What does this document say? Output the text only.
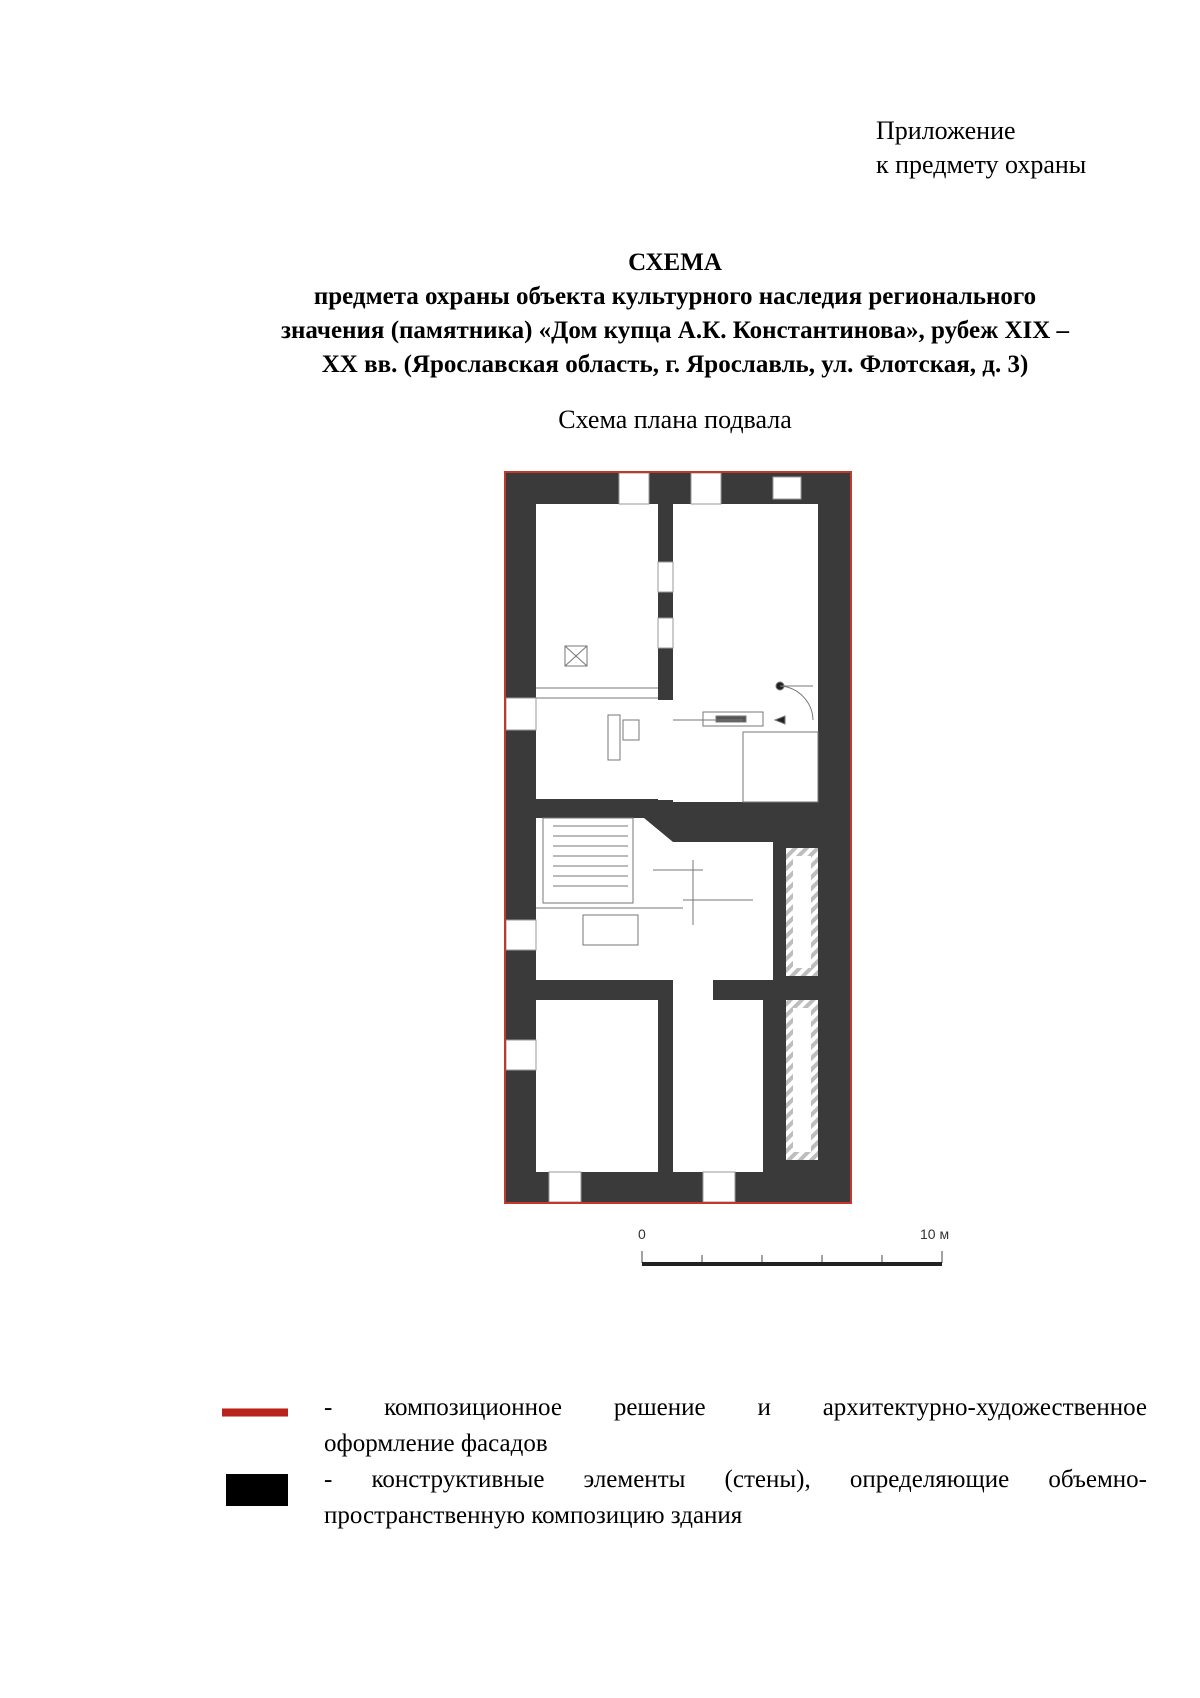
Приложение
к предмету охраны
СХЕМА
предмета охраны объекта культурного наследия регионального
значения (памятника) «Дом купца А.К. Константинова», рубеж XIX –
XX вв. (Ярославская область, г. Ярославль, ул. Флотская, д. 3)
Схема плана подвала
0	10 м
- композиционное решение и архитектурно-художественное
оформление фасадов
- конструктивные элементы (стены), определяющие объемно-
пространственную композицию здания
